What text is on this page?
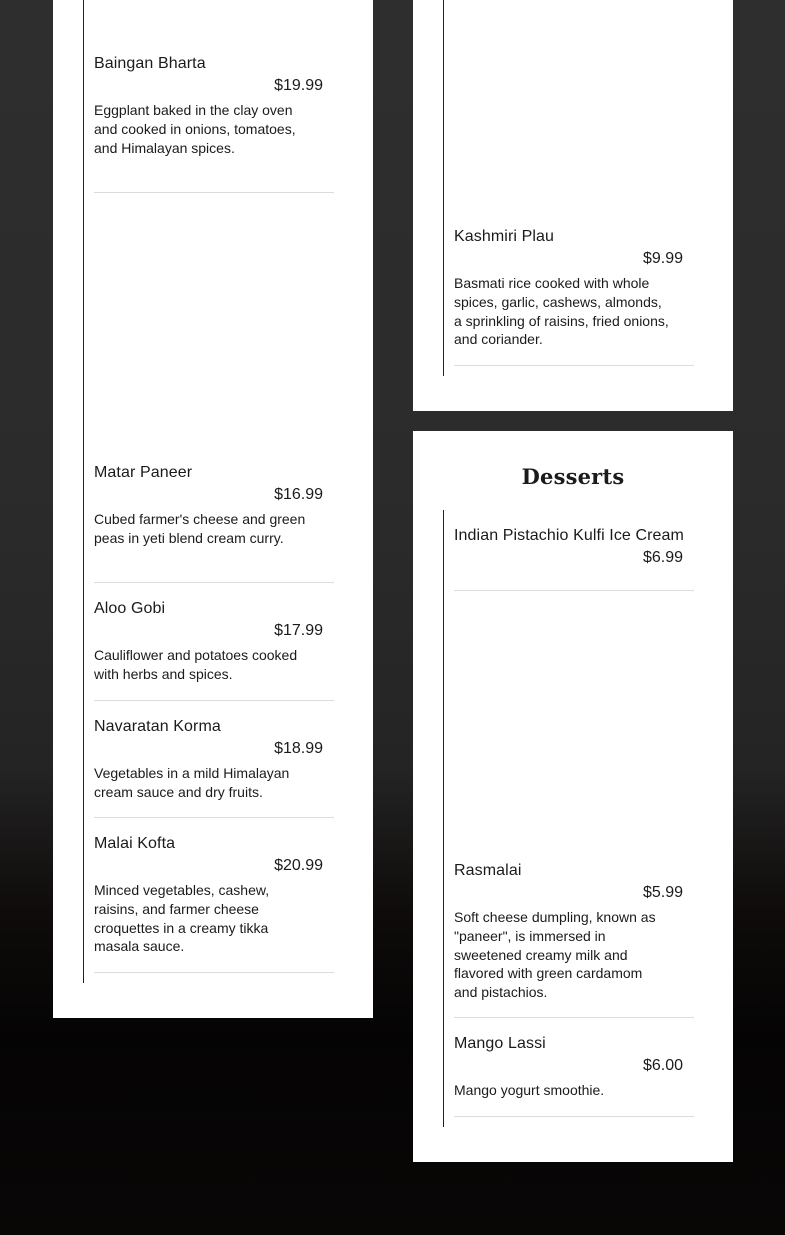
Baingan Bharta
$19.99
Eggplant baked in the clay oven and cooked in onions, tomatoes, and Himalayan spices.
Matar Paneer
$16.99
Cubed farmer's cheese and green peas in yeti blend cream curry.
Aloo Gobi
$17.99
Cauliflower and potatoes cooked with herbs and spices.
Navaratan Korma
$18.99
Vegetables in a mild Himalayan cream sauce and dry fruits.
Malai Kofta
$20.99
Minced vegetables, cashew, raisins, and farmer cheese croquettes in a creamy tikka masala sauce.
Kashmiri Plau
$9.99
Basmati rice cooked with whole spices, garlic, cashews, almonds, a sprinkling of raisins, fried onions, and coriander.
Desserts
Indian Pistachio Kulfi Ice Cream
$6.99
Rasmalai
$5.99
Soft cheese dumpling, known as "paneer", is immersed in sweetened creamy milk and flavored with green cardamom and pistachios.
Mango Lassi
$6.00
Mango yogurt smoothie.
